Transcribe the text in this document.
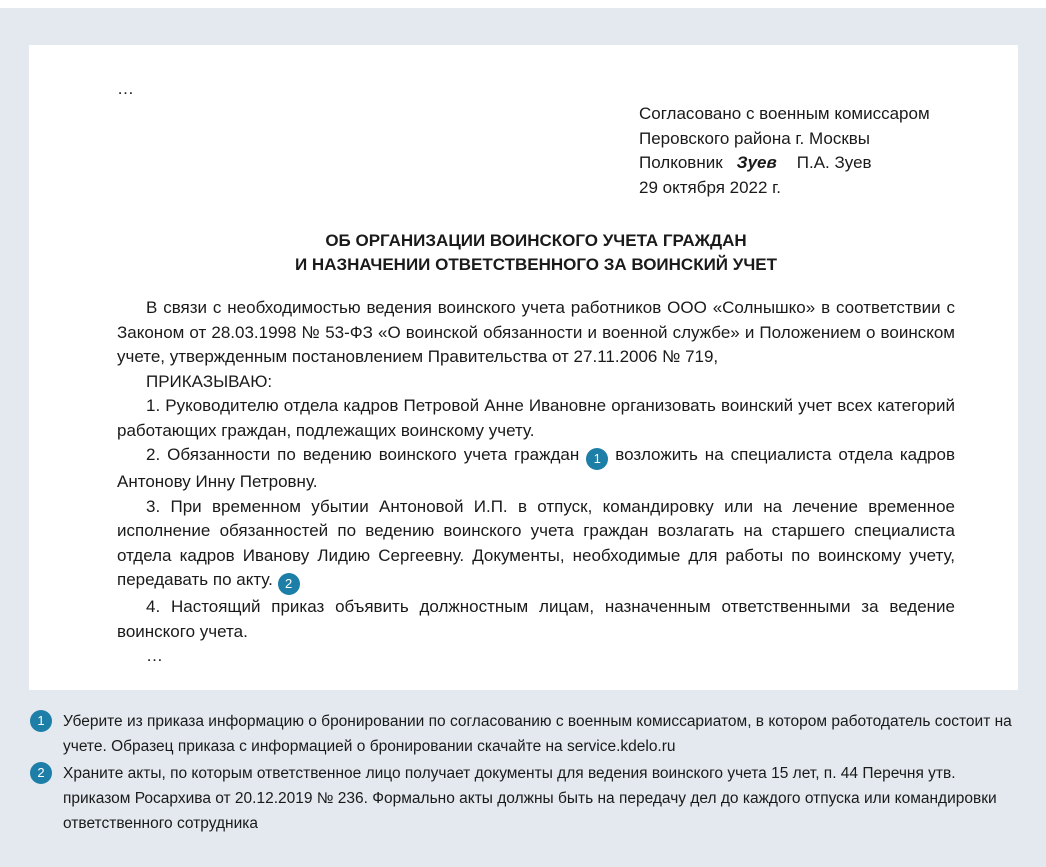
…

Согласовано с военным комиссаром
Перовского района г. Москвы
Полковник Зуев П.А. Зуев
29 октября 2022 г.
ОБ ОРГАНИЗАЦИИ ВОИНСКОГО УЧЕТА ГРАЖДАН
И НАЗНАЧЕНИИ ОТВЕТСТВЕННОГО ЗА ВОИНСКИЙ УЧЕТ

В связи с необходимостью ведения воинского учета работников ООО «Солнышко» в соответствии с Законом от 28.03.1998 № 53-ФЗ «О воинской обязанности и военной службе» и Положением о воинском учете, утвержденным постановлением Правительства от 27.11.2006 № 719,

ПРИКАЗЫВАЮ:

1. Руководителю отдела кадров Петровой Анне Ивановне организовать воинский учет всех категорий работающих граждан, подлежащих воинскому учету.

2. Обязанности по ведению воинского учета граждан 1 возложить на специалиста отдела кадров Антонову Инну Петровну.

3. При временном убытии Антоновой И.П. в отпуск, командировку или на лечение временное исполнение обязанностей по ведению воинского учета граждан возлагать на старшего специалиста отдела кадров Иванову Лидию Сергеевну. Документы, необходимые для работы по воинскому учету, передавать по акту. 2

4. Настоящий приказ объявить должностным лицам, назначенным ответственными за ведение воинского учета.

…

1	Уберите из приказа информацию о бронировании по согласованию с военным комиссариатом, в котором работодатель состоит на учете. Образец приказа с информацией о бронировании скачайте на service.kdelo.ru
2	Храните акты, по которым ответственное лицо получает документы для ведения воинского учета 15 лет, п. 44 Перечня утв. приказом Росархива от 20.12.2019 № 236. Формально акты должны быть на передачу дел до каждого отпуска или командировки ответственного сотрудника
